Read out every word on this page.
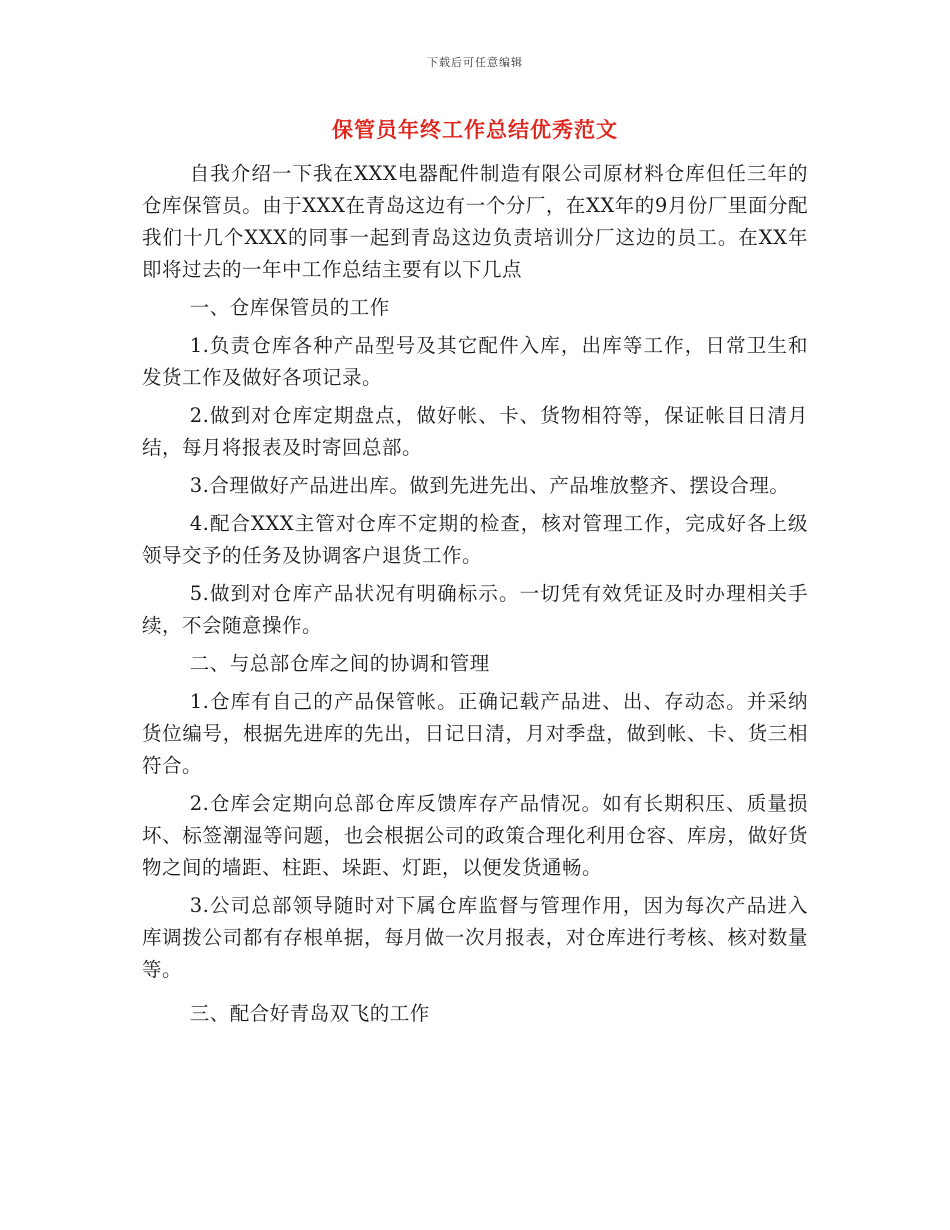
下载后可任意编辑
保管员年终工作总结优秀范文

自我介绍一下我在XXX电器配件制造有限公司原材料仓库但任三年的仓库保管员。由于XXX在青岛这边有一个分厂，在XX年的9月份厂里面分配我们十几个XXX的同事一起到青岛这边负责培训分厂这边的员工。在XX年即将过去的一年中工作总结主要有以下几点

一、仓库保管员的工作

1.负责仓库各种产品型号及其它配件入库，出库等工作，日常卫生和发货工作及做好各项记录。

2.做到对仓库定期盘点，做好帐、卡、货物相符等，保证帐目日清月结，每月将报表及时寄回总部。

3.合理做好产品进出库。做到先进先出、产品堆放整齐、摆设合理。

4.配合XXX主管对仓库不定期的检查，核对管理工作，完成好各上级领导交予的任务及协调客户退货工作。

5.做到对仓库产品状况有明确标示。一切凭有效凭证及时办理相关手续，不会随意操作。

二、与总部仓库之间的协调和管理

1.仓库有自己的产品保管帐。正确记载产品进、出、存动态。并采纳货位编号，根据先进库的先出，日记日清，月对季盘，做到帐、卡、货三相符合。

2.仓库会定期向总部仓库反馈库存产品情况。如有长期积压、质量损坏、标签潮湿等问题，也会根据公司的政策合理化利用仓容、库房，做好货物之间的墙距、柱距、垛距、灯距，以便发货通畅。

3.公司总部领导随时对下属仓库监督与管理作用，因为每次产品进入库调拨公司都有存根单据，每月做一次月报表，对仓库进行考核、核对数量等。

三、配合好青岛双飞的工作
